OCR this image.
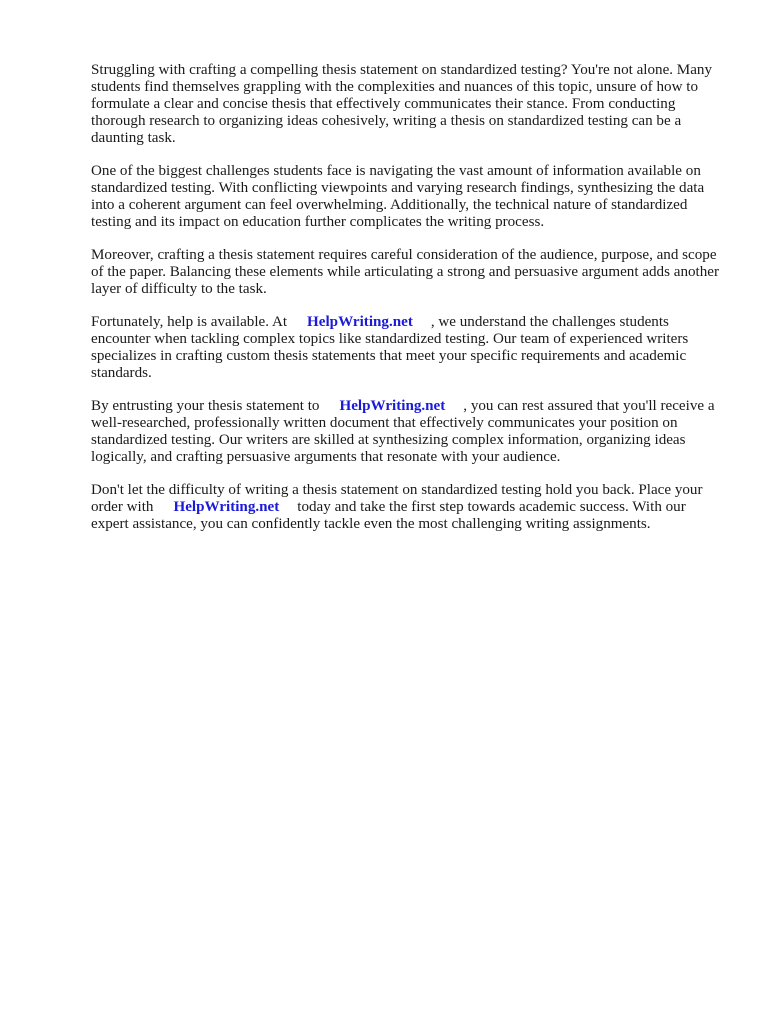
Struggling with crafting a compelling thesis statement on standardized testing? You're not alone. Many students find themselves grappling with the complexities and nuances of this topic, unsure of how to formulate a clear and concise thesis that effectively communicates their stance. From conducting thorough research to organizing ideas cohesively, writing a thesis on standardized testing can be a daunting task.

One of the biggest challenges students face is navigating the vast amount of information available on standardized testing. With conflicting viewpoints and varying research findings, synthesizing the data into a coherent argument can feel overwhelming. Additionally, the technical nature of standardized testing and its impact on education further complicates the writing process.

Moreover, crafting a thesis statement requires careful consideration of the audience, purpose, and scope of the paper. Balancing these elements while articulating a strong and persuasive argument adds another layer of difficulty to the task.

Fortunately, help is available. At HelpWriting.net , we understand the challenges students encounter when tackling complex topics like standardized testing. Our team of experienced writers specializes in crafting custom thesis statements that meet your specific requirements and academic standards.

By entrusting your thesis statement to HelpWriting.net , you can rest assured that you'll receive a well-researched, professionally written document that effectively communicates your position on standardized testing. Our writers are skilled at synthesizing complex information, organizing ideas logically, and crafting persuasive arguments that resonate with your audience.

Don't let the difficulty of writing a thesis statement on standardized testing hold you back. Place your order with HelpWriting.net today and take the first step towards academic success. With our expert assistance, you can confidently tackle even the most challenging writing assignments.
